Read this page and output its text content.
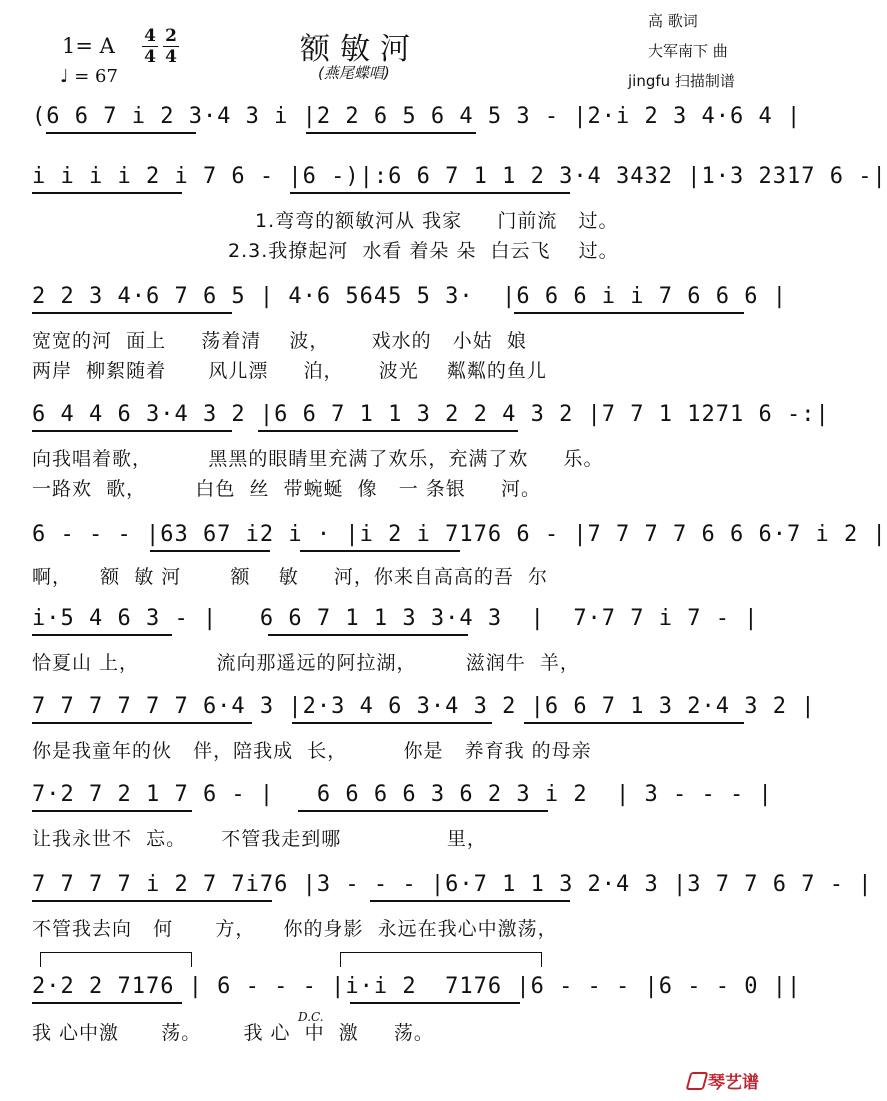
1= A 4
4
2
4
♩ = 67
额敏河
(燕尾蝶唱)
高 歌词
大军南下 曲
jingfu 扫描制谱
(6 6 7 i 2 3·4 3 i |2 2 6 5 6 4 5 3 - |2·i 2 3 4·6 4 |
i i i i 2 i 7 6 - |6 -)|:6 6 7 1 1 2 3·4 3432 |1·3 2317 6 -|
1.弯弯的额敏河从 我家     门前流   过。
2.3.我撩起河  水看 着朵 朵  白云飞    过。
2 2 3 4·6 7 6 5 | 4·6 5645 5 3·  |6 6 6 i i 7 6 6 6 |
宽宽的河  面上     荡着清    波，      戏水的   小姑  娘
两岸  柳絮随着      风儿漂     泊，     波光    粼粼的鱼儿
6 4 4 6 3·4 3 2 |6 6 7 1 1 3 2 2 4 3 2 |7 7 1 1271 6 -:|
向我唱着歌，        黑黑的眼睛里充满了欢乐，充满了欢     乐。
一路欢  歌，       白色  丝  带蜿蜒  像   一 条银     河。
6 - - - |63 67 i2 i · |i 2 i 7176 6 - |7 7 7 7 6 6 6·7 i 2 |
啊，    额  敏 河       额    敏     河，你来自高高的吾  尔
i·5 4 6 3 - |   6 6 7 1 1 3 3·4 3  |  7·7 7 i 7 - |
恰夏山 上，           流向那遥远的阿拉湖，       滋润牛  羊，
7 7 7 7 7 7 6·4 3 |2·3 4 6 3·4 3 2 |6 6 7 1 3 2·4 3 2 |
你是我童年的伙   伴，陪我成  长，        你是   养育我 的母亲
7·2 7 2 1 7 6 - |   6 6 6 6 3 6 2 3 i 2  | 3 - - - |
让我永世不  忘。     不管我走到哪               里，
7 7 7 7 i 2 7 7i76 |3 - - - |6·7 1 1 3 2·4 3 |3 7 7 6 7 - |
不管我去向   何      方，    你的身影  永远在我心中激荡，
2·2 2 7176 | 6 - - - |i·i 2  7176 |6 - - - |6 - - 0 ||
D.C.
我 心中激      荡。      我 心  中  激     荡。
琴艺谱
